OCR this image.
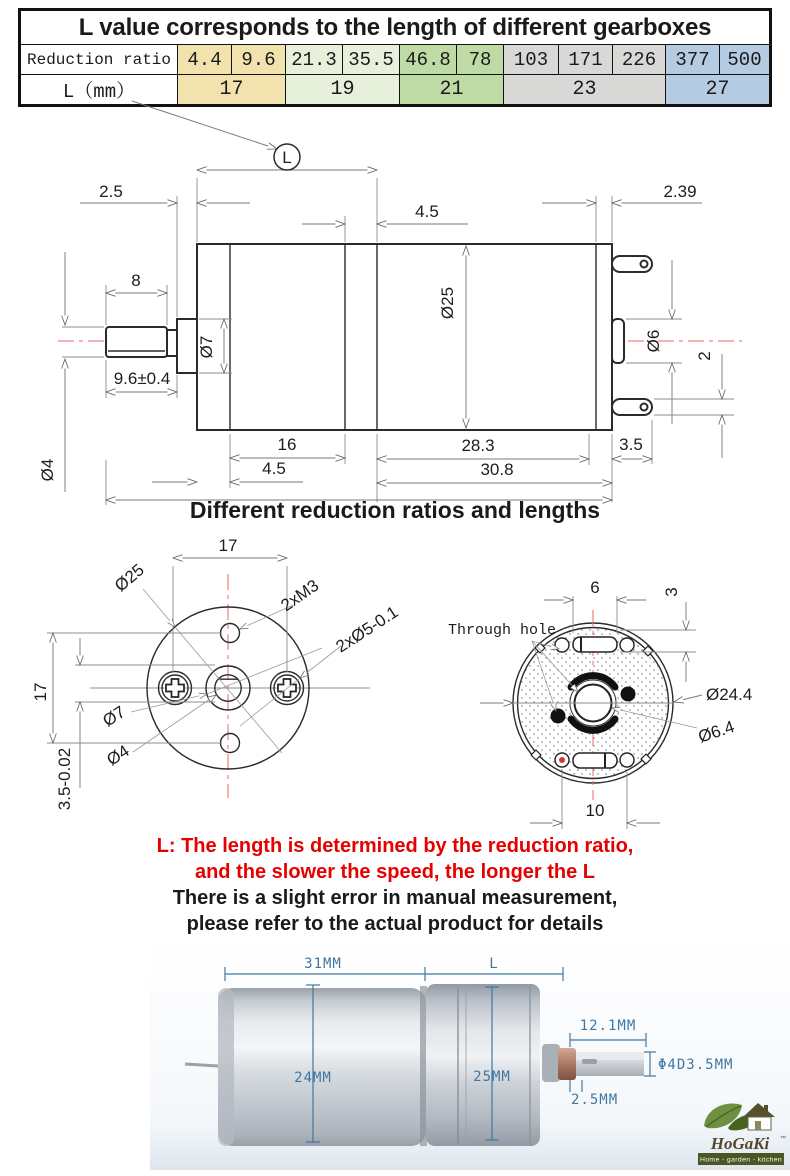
L value corresponds to the length of different gearboxes											
Reduction ratio	4.4	9.6	21.3	35.5	46.8	78	103	171	226	377	500
L（mm）	17		19		21		23			27	
L
2.5
4.5
2.39
8
9.6±0.4
Ø7
Ø25
Ø4
Ø6
2
16
4.5
28.3
30.8
3.5
Different reduction ratios and lengths
17
17
Ø25	2xM3
2xØ5-0.1
Ø7
Ø4
3.5-0.02
Through hole
6	3
Ø24.4
Ø6.4
10
L: The length is determined by the reduction ratio,
and the slower the speed, the longer the L
There is a slight error in manual measurement,
please refer to the actual product for details
31MM	L
12.1MM
Φ4D3.5MM
24MM	25MM
2.5MM
HoGaKi ™
Home - garden - kitchen
